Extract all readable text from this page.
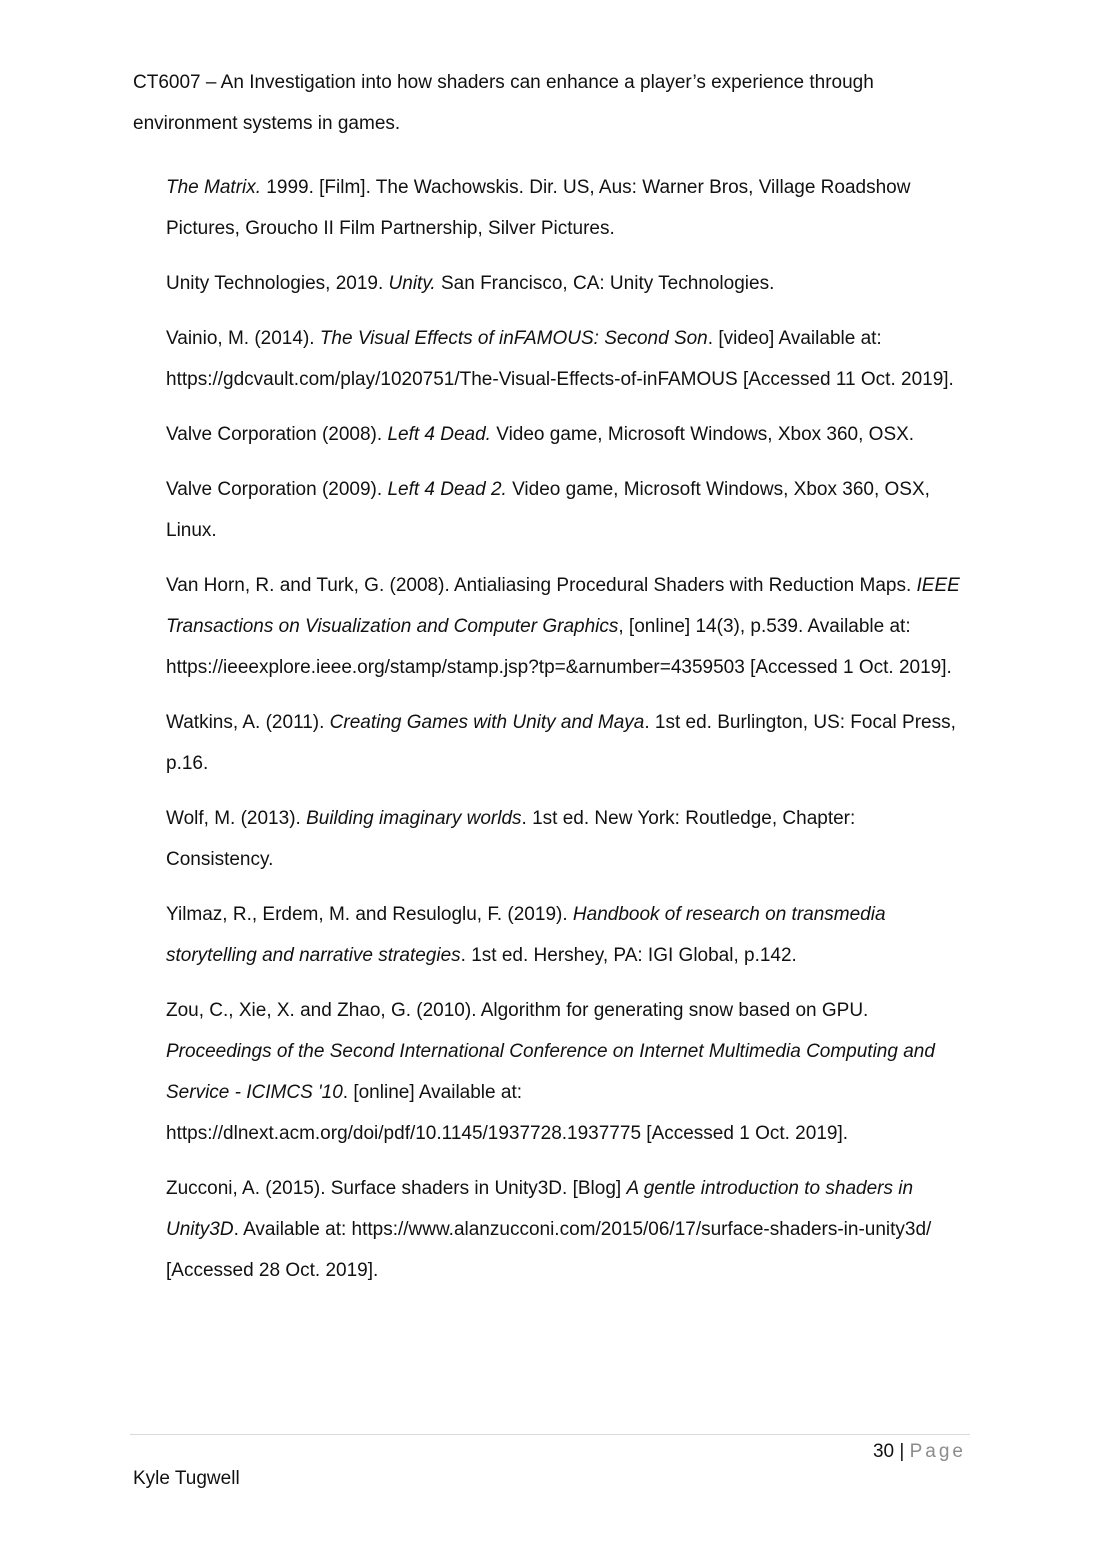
CT6007 – An Investigation into how shaders can enhance a player’s experience through environment systems in games.

The Matrix. 1999. [Film]. The Wachowskis. Dir. US, Aus: Warner Bros, Village Roadshow Pictures, Groucho II Film Partnership, Silver Pictures.

Unity Technologies, 2019. Unity. San Francisco, CA: Unity Technologies.

Vainio, M. (2014). The Visual Effects of inFAMOUS: Second Son. [video] Available at: https://gdcvault.com/play/1020751/The-Visual-Effects-of-inFAMOUS [Accessed 11 Oct. 2019].

Valve Corporation (2008). Left 4 Dead. Video game, Microsoft Windows, Xbox 360, OSX.

Valve Corporation (2009). Left 4 Dead 2. Video game, Microsoft Windows, Xbox 360, OSX, Linux.

Van Horn, R. and Turk, G. (2008). Antialiasing Procedural Shaders with Reduction Maps. IEEE Transactions on Visualization and Computer Graphics, [online] 14(3), p.539. Available at: https://ieeexplore.ieee.org/stamp/stamp.jsp?tp=&arnumber=4359503 [Accessed 1 Oct. 2019].

Watkins, A. (2011). Creating Games with Unity and Maya. 1st ed. Burlington, US: Focal Press, p.16.

Wolf, M. (2013). Building imaginary worlds. 1st ed. New York: Routledge, Chapter: Consistency.

Yilmaz, R., Erdem, M. and Resuloglu, F. (2019). Handbook of research on transmedia storytelling and narrative strategies. 1st ed. Hershey, PA: IGI Global, p.142.

Zou, C., Xie, X. and Zhao, G. (2010). Algorithm for generating snow based on GPU. Proceedings of the Second International Conference on Internet Multimedia Computing and Service - ICIMCS '10. [online] Available at: https://dlnext.acm.org/doi/pdf/10.1145/1937728.1937775 [Accessed 1 Oct. 2019].

Zucconi, A. (2015). Surface shaders in Unity3D. [Blog] A gentle introduction to shaders in Unity3D. Available at: https://www.alanzucconi.com/2015/06/17/surface-shaders-in-unity3d/ [Accessed 28 Oct. 2019].

30 | Page
Kyle Tugwell
